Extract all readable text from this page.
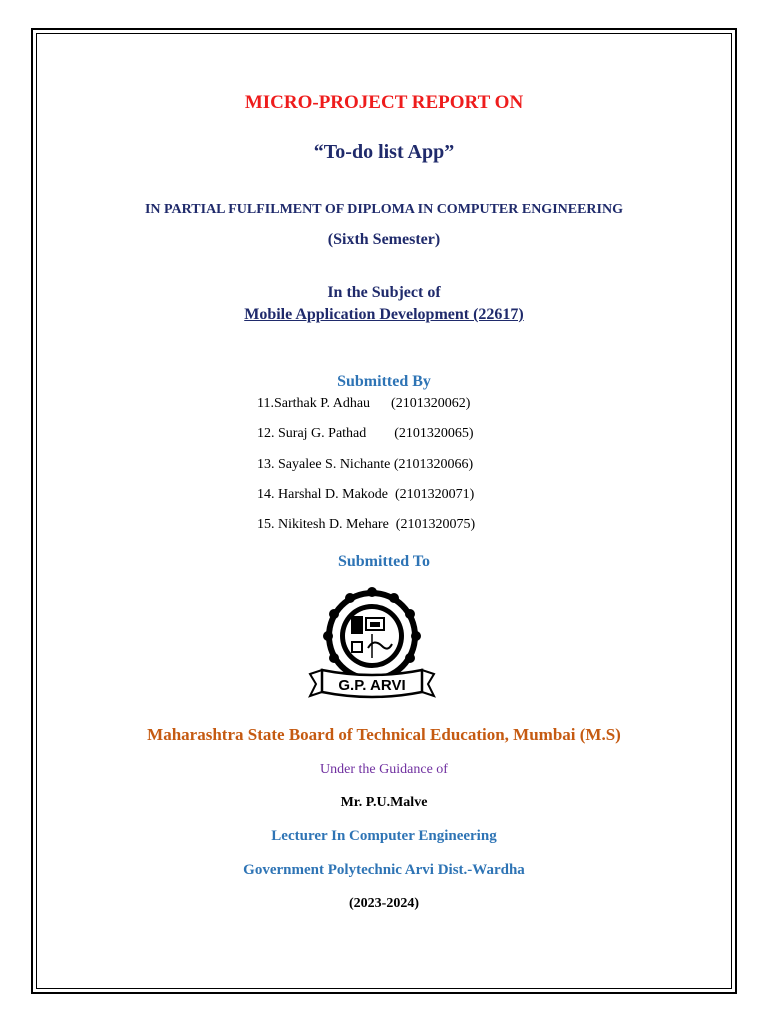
MICRO-PROJECT REPORT ON
“To-do list App”
IN PARTIAL FULFILMENT OF DIPLOMA IN COMPUTER ENGINEERING
(Sixth Semester)
In the Subject of
Mobile Application Development (22617)
Submitted By
11.Sarthak P. Adhau      (2101320062)
12. Suraj G. Pathad        (2101320065)
13. Sayalee S. Nichante (2101320066)
14. Harshal D. Makode  (2101320071)
15. Nikitesh D. Mehare  (2101320075)
Submitted To
G.P. ARVI
Maharashtra State Board of Technical Education, Mumbai (M.S)
Under the Guidance of
Mr. P.U.Malve
Lecturer In Computer Engineering
Government Polytechnic Arvi Dist.-Wardha
(2023-2024)
